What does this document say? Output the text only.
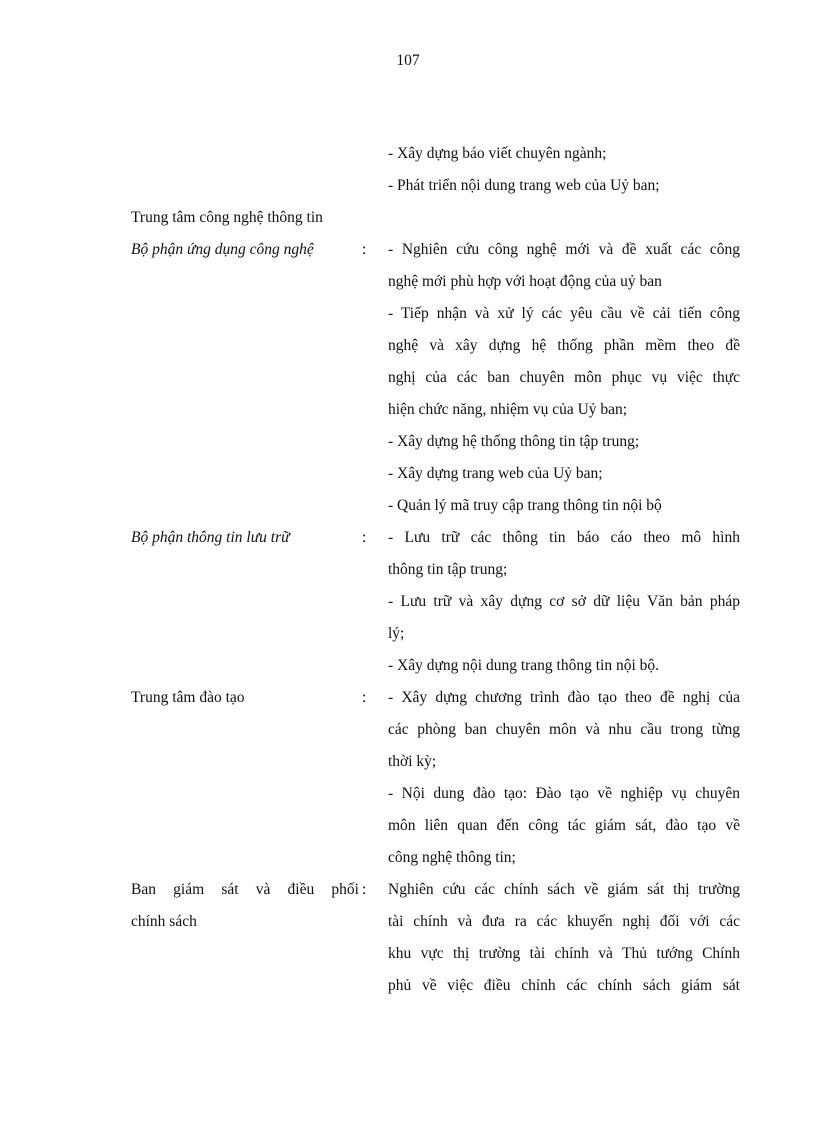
107
- Xây dựng báo viết chuyên ngành;
- Phát triển nội dung trang web của Uỷ ban;
Trung tâm công nghệ thông tin
Bộ phận ứng dụng công nghệ	: - Nghiên cứu công nghệ mới và đề xuất các công
nghệ mới phù hợp với hoạt động của uỷ ban
- Tiếp nhận và xử lý các yêu cầu về cải tiến công
nghệ và xây dựng hệ thống phần mềm theo đề
nghị của các ban chuyên môn phục vụ việc thực
hiện chức năng, nhiệm vụ của Uỷ ban;
- Xây dựng hệ thống thông tin tập trung;
- Xây dựng trang web của Uỷ ban;
- Quản lý mã truy cập trang thông tin nội bộ
Bộ phận thông tin lưu trữ	: - Lưu trữ các thông tin báo cáo theo mô hình
thông tin tập trung;
- Lưu trữ và xây dựng cơ sở dữ liệu Văn bản pháp
lý;
- Xây dựng nội dung trang thông tin nội bộ.
Trung tâm đào tạo	: - Xây dựng chương trình đào tạo theo đề nghị của
các phòng ban chuyên môn và nhu cầu trong từng
thời kỳ;
- Nội dung đào tạo: Đào tạo về nghiệp vụ chuyên
môn liên quan đến công tác giám sát, đào tạo về
công nghệ thông tin;
Ban giám sát và điều phối
chính sách
: Nghiên cứu các chính sách về giám sát thị trường
tài chính và đưa ra các khuyến nghị đối với các
khu vực thị trường tài chính và Thủ tướng Chính
phủ về việc điều chỉnh các chính sách giám sát
